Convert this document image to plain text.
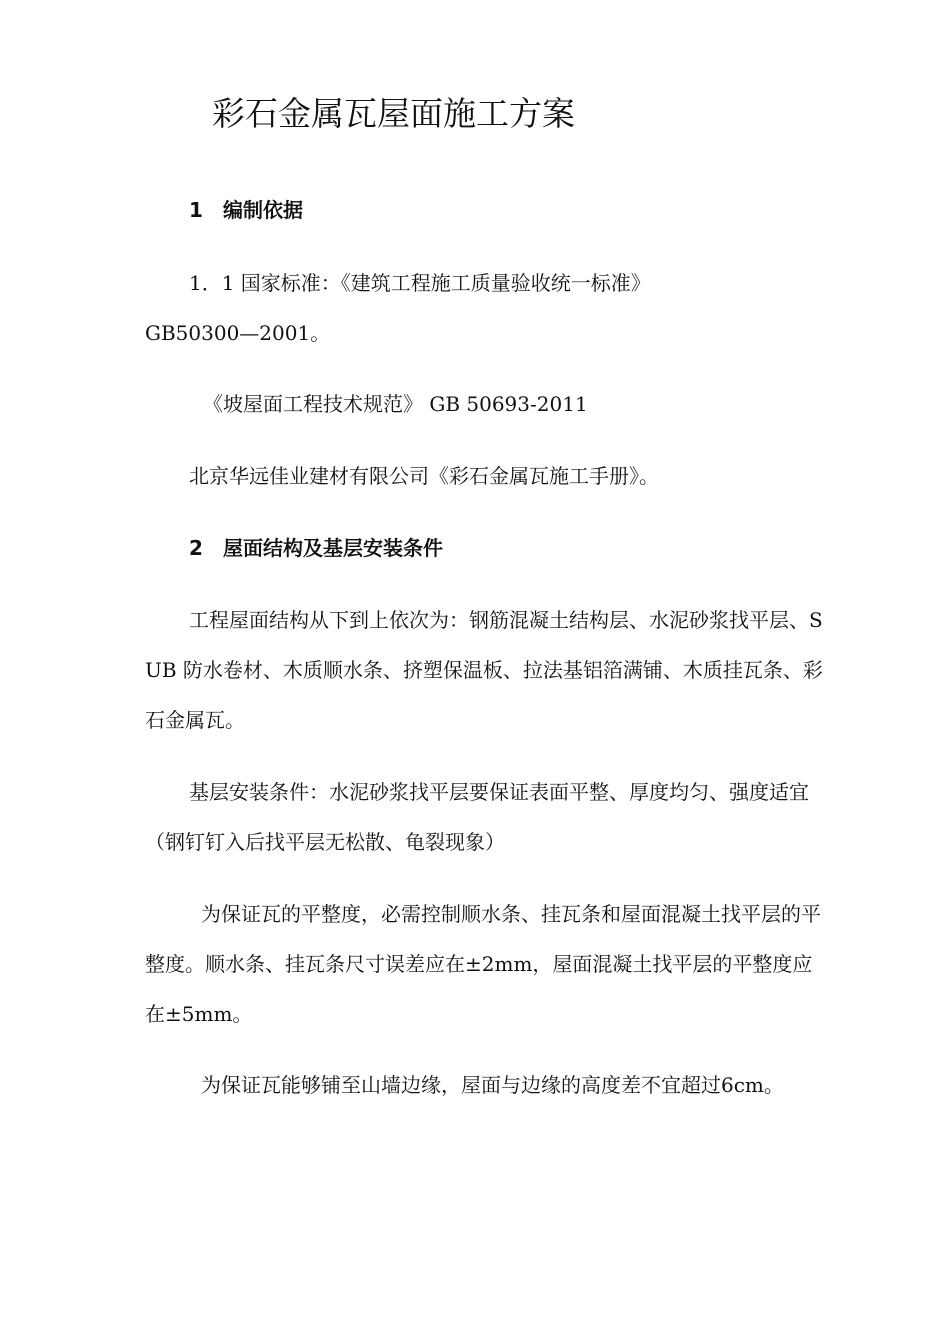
彩石金属瓦屋面施工方案
1 编制依据
1．1 国家标准：《建筑工程施工质量验收统一标准》
GB50300—2001。
《坡屋面工程技术规范》 GB 50693-2011
北京华远佳业建材有限公司《彩石金属瓦施工手册》。
2 屋面结构及基层安装条件

工程屋面结构从下到上依次为：钢筋混凝土结构层、水泥砂浆找平层、SUB 防水卷材、木质顺水条、挤塑保温板、拉法基铝箔满铺、木质挂瓦条、彩石金属瓦。

基层安装条件：水泥砂浆找平层要保证表面平整、厚度均匀、强度适宜（钢钉钉入后找平层无松散、龟裂现象）

为保证瓦的平整度，必需控制顺水条、挂瓦条和屋面混凝土找平层的平整度。顺水条、挂瓦条尺寸误差应在±2mm，屋面混凝土找平层的平整度应在±5mm。

为保证瓦能够铺至山墙边缘，屋面与边缘的高度差不宜超过6cm。
